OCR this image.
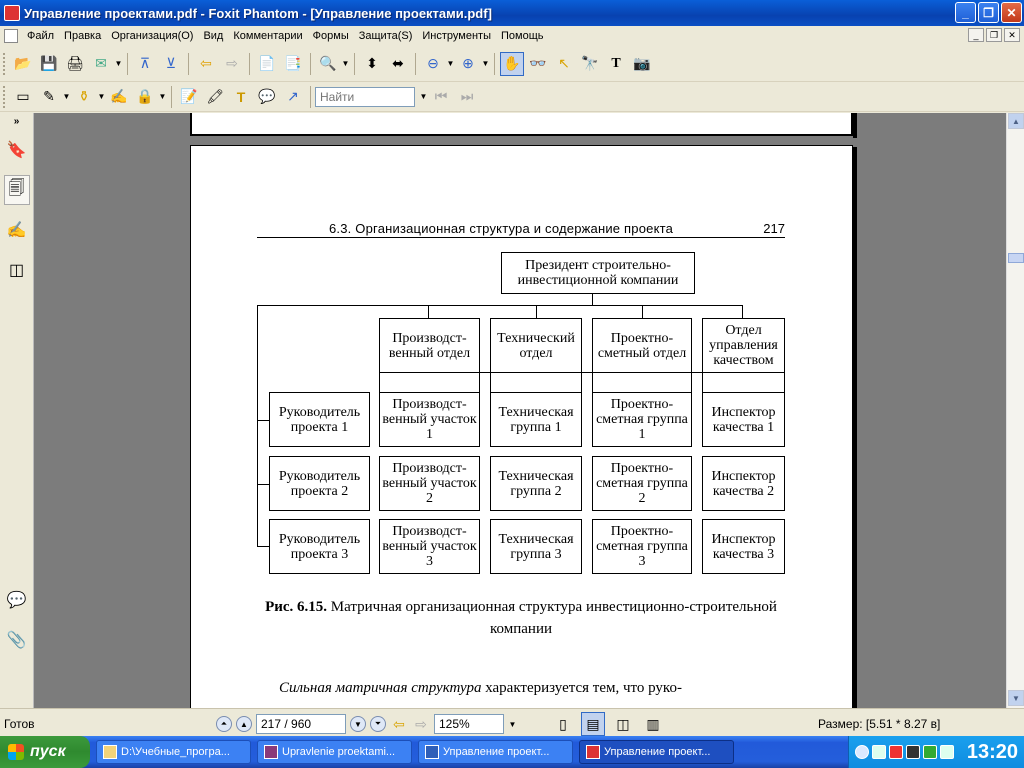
Управление проектами.pdf - Foxit Phantom - [Управление проектами.pdf]	_	❐	✕
Файл Правка Организация(O) Вид Комментарии Формы Защита(S) Инструменты Помощь	_	❐	✕
📂 💾 🖨 ✉ ▼	⊼	⊻	⇦	⇨	📄 📑 🔍 ▼	⬍	⬌	⊖ ▼ ⊕ ▼ ✋ 👓 ↖ 🔭 T 📷
▭ ✎ ▼ ⚱ ▼ ✍ 🔒 ▼ 📝 🖍 T 💬 ↗
Найти	▼ ⏮ ⏭
»
🔖
🗐
✍
◫
💬
📎
6.3. Организационная структура и содержание проекта	217
Президент строительно-инвестиционной компании
Производст-венный отдел
Технический отдел
Проектно-сметный отдел
Отдел управления качеством
Руководитель проекта 1
Производст-венный участок 1
Техническая группа 1
Проектно-сметная группа 1
Инспектор качества 1
Руководитель проекта 2
Производст-венный участок 2
Техническая группа 2
Проектно-сметная группа 2
Инспектор качества 2
Руководитель проекта 3
Производст-венный участок 3
Техническая группа 3
Проектно-сметная группа 3
Инспектор качества 3
Рис. 6.15. Матричная организационная структура инвестиционно-строительной компании
Сильная матричная структура характеризуется тем, что руко-
▲
▼
Готов	⏶	▲	217 / 960	▼	⏷ ⇦ ⇨	125%	▼	▯	▤	◫	▥	Размер: [5.51 * 8.27 в]
пуск	D:\Учебные_програ...	Upravlenie proektami...	Управление проект...	Управление проект...	13:20
